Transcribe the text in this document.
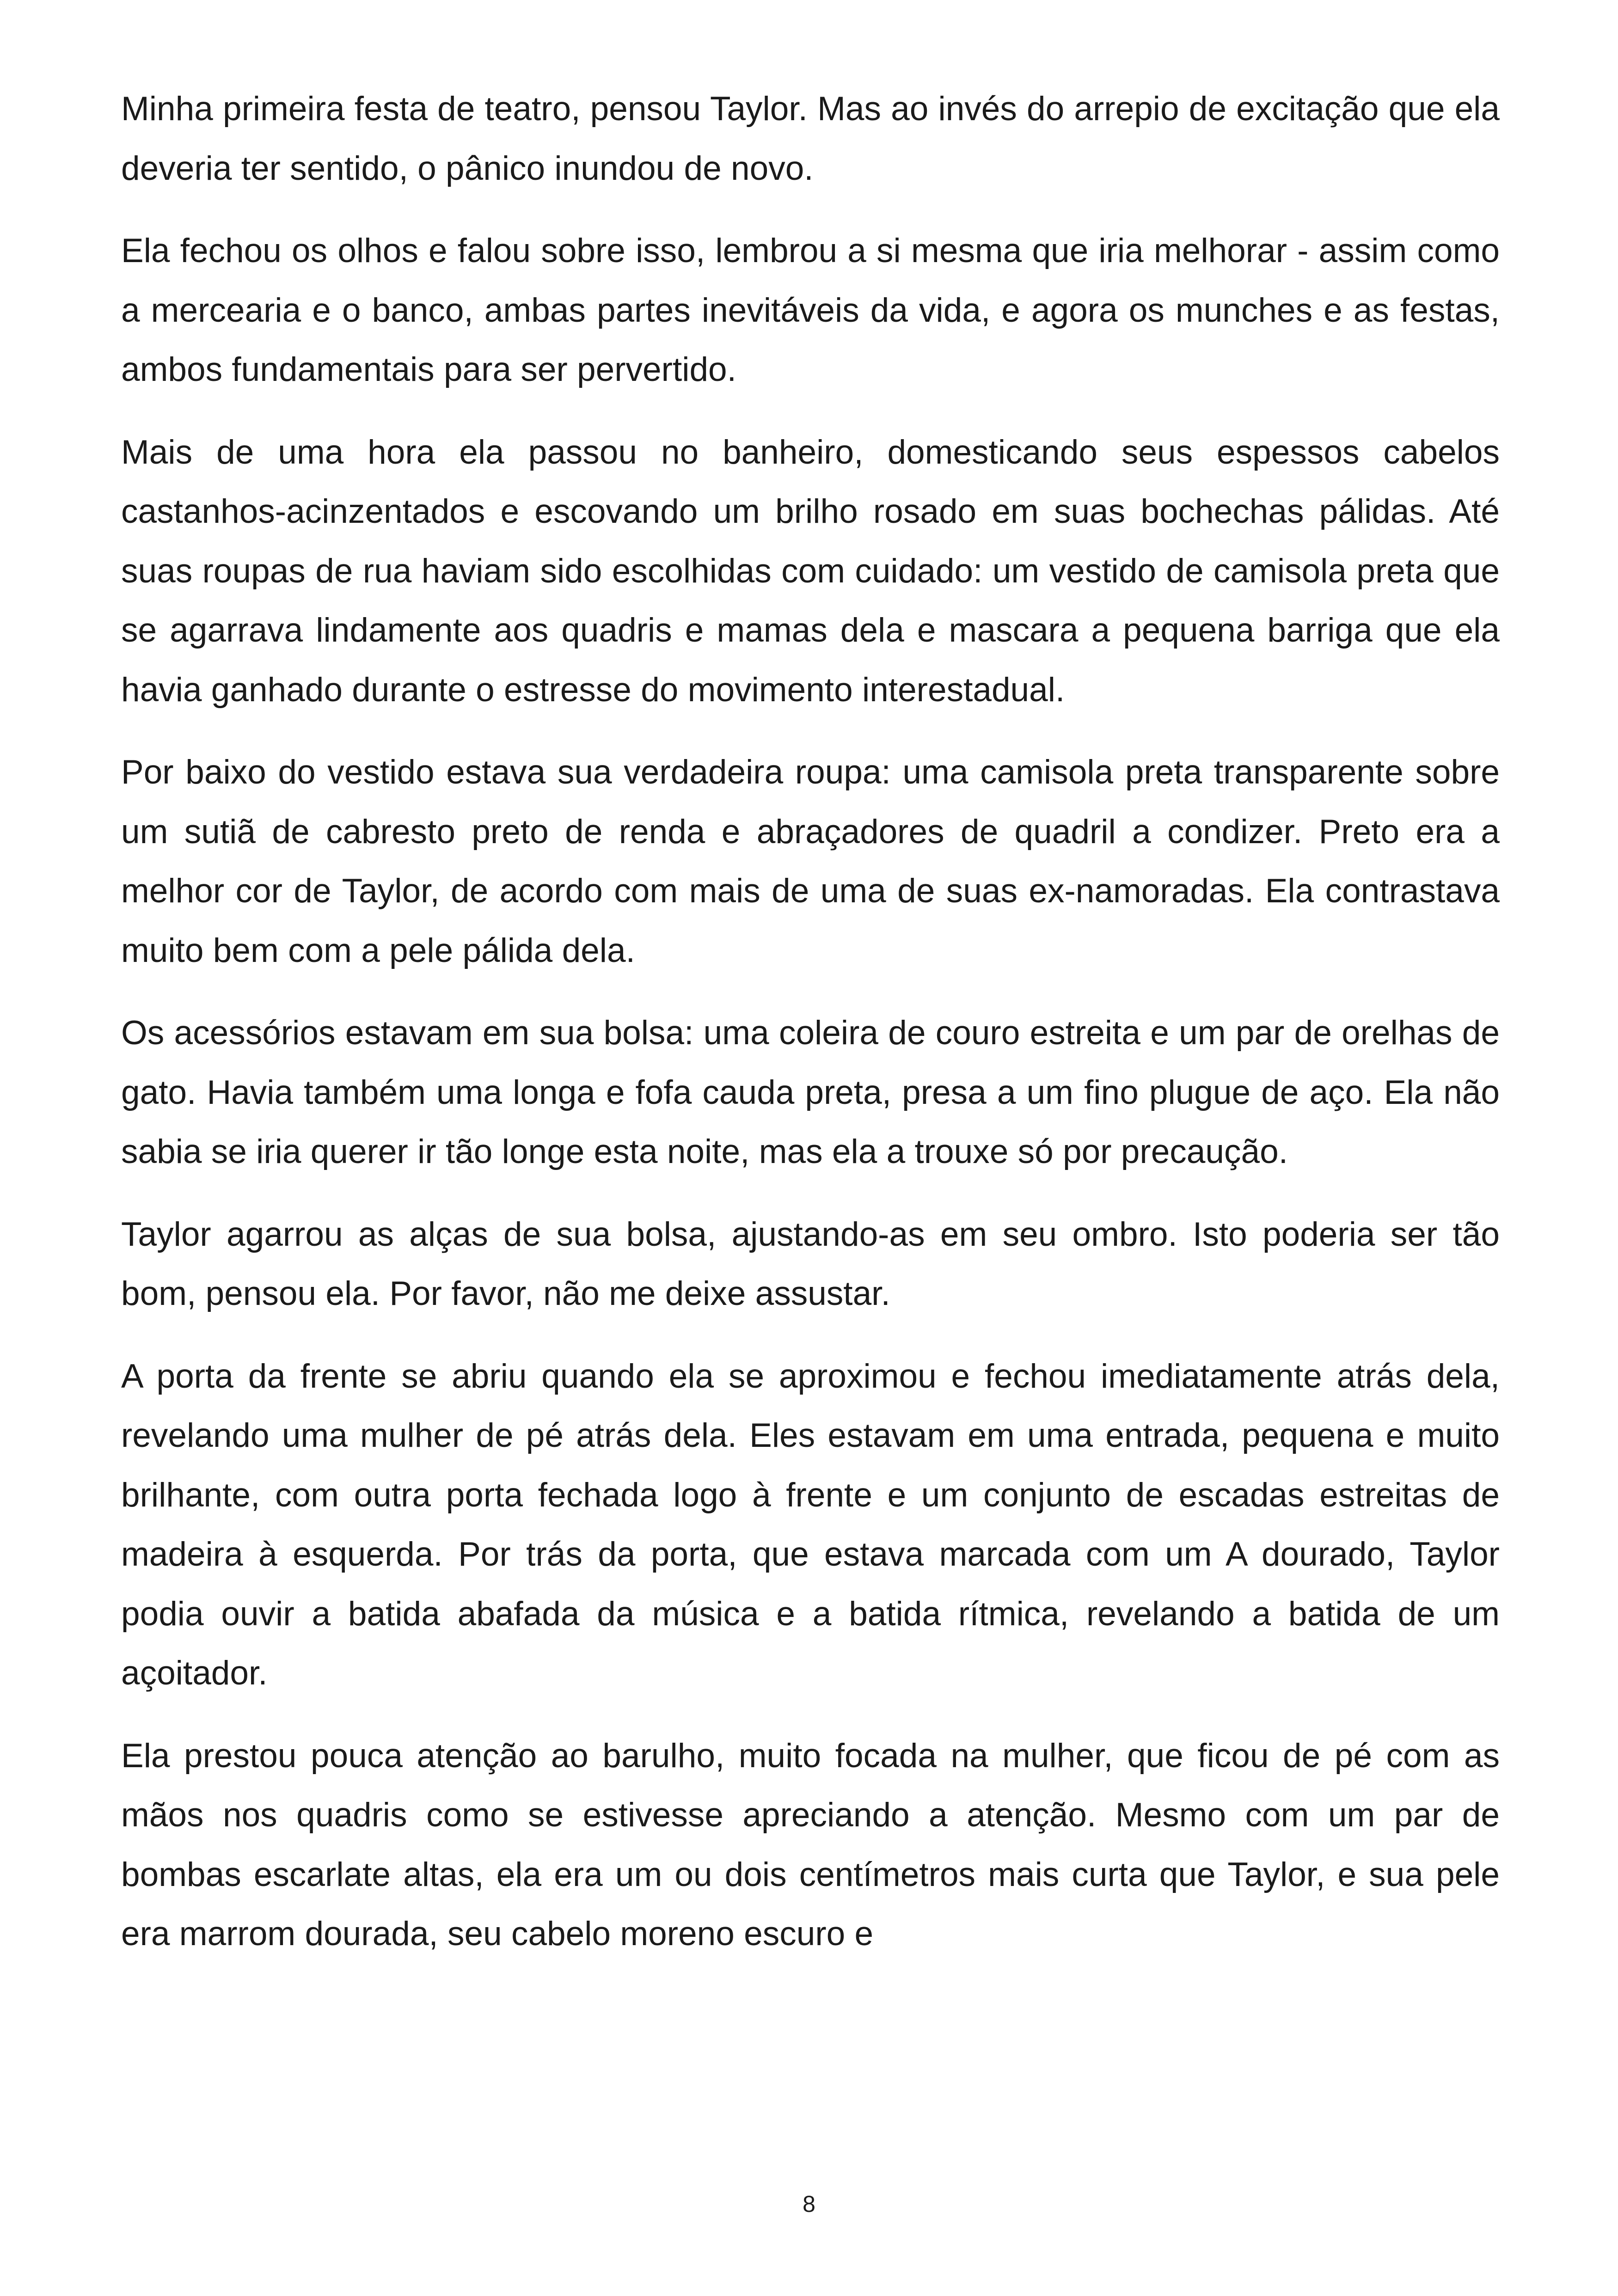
Minha primeira festa de teatro, pensou Taylor. Mas ao invés do arrepio de excitação que ela deveria ter sentido, o pânico inundou de novo.

Ela fechou os olhos e falou sobre isso, lembrou a si mesma que iria melhorar - assim como a mercearia e o banco, ambas partes inevitáveis da vida, e agora os munches e as festas, ambos fundamentais para ser pervertido.

Mais de uma hora ela passou no banheiro, domesticando seus espessos cabelos castanhos-acinzentados e escovando um brilho rosado em suas bochechas pálidas. Até suas roupas de rua haviam sido escolhidas com cuidado: um vestido de camisola preta que se agarrava lindamente aos quadris e mamas dela e mascara a pequena barriga que ela havia ganhado durante o estresse do movimento interestadual.

Por baixo do vestido estava sua verdadeira roupa: uma camisola preta transparente sobre um sutiã de cabresto preto de renda e abraçadores de quadril a condizer. Preto era a melhor cor de Taylor, de acordo com mais de uma de suas ex-namoradas. Ela contrastava muito bem com a pele pálida dela.

Os acessórios estavam em sua bolsa: uma coleira de couro estreita e um par de orelhas de gato. Havia também uma longa e fofa cauda preta, presa a um fino plugue de aço. Ela não sabia se iria querer ir tão longe esta noite, mas ela a trouxe só por precaução.

Taylor agarrou as alças de sua bolsa, ajustando-as em seu ombro. Isto poderia ser tão bom, pensou ela. Por favor, não me deixe assustar.

A porta da frente se abriu quando ela se aproximou e fechou imediatamente atrás dela, revelando uma mulher de pé atrás dela. Eles estavam em uma entrada, pequena e muito brilhante, com outra porta fechada logo à frente e um conjunto de escadas estreitas de madeira à esquerda. Por trás da porta, que estava marcada com um A dourado, Taylor podia ouvir a batida abafada da música e a batida rítmica, revelando a batida de um açoitador.

Ela prestou pouca atenção ao barulho, muito focada na mulher, que ficou de pé com as mãos nos quadris como se estivesse apreciando a atenção. Mesmo com um par de bombas escarlate altas, ela era um ou dois centímetros mais curta que Taylor, e sua pele era marrom dourada, seu cabelo moreno escuro e

8
